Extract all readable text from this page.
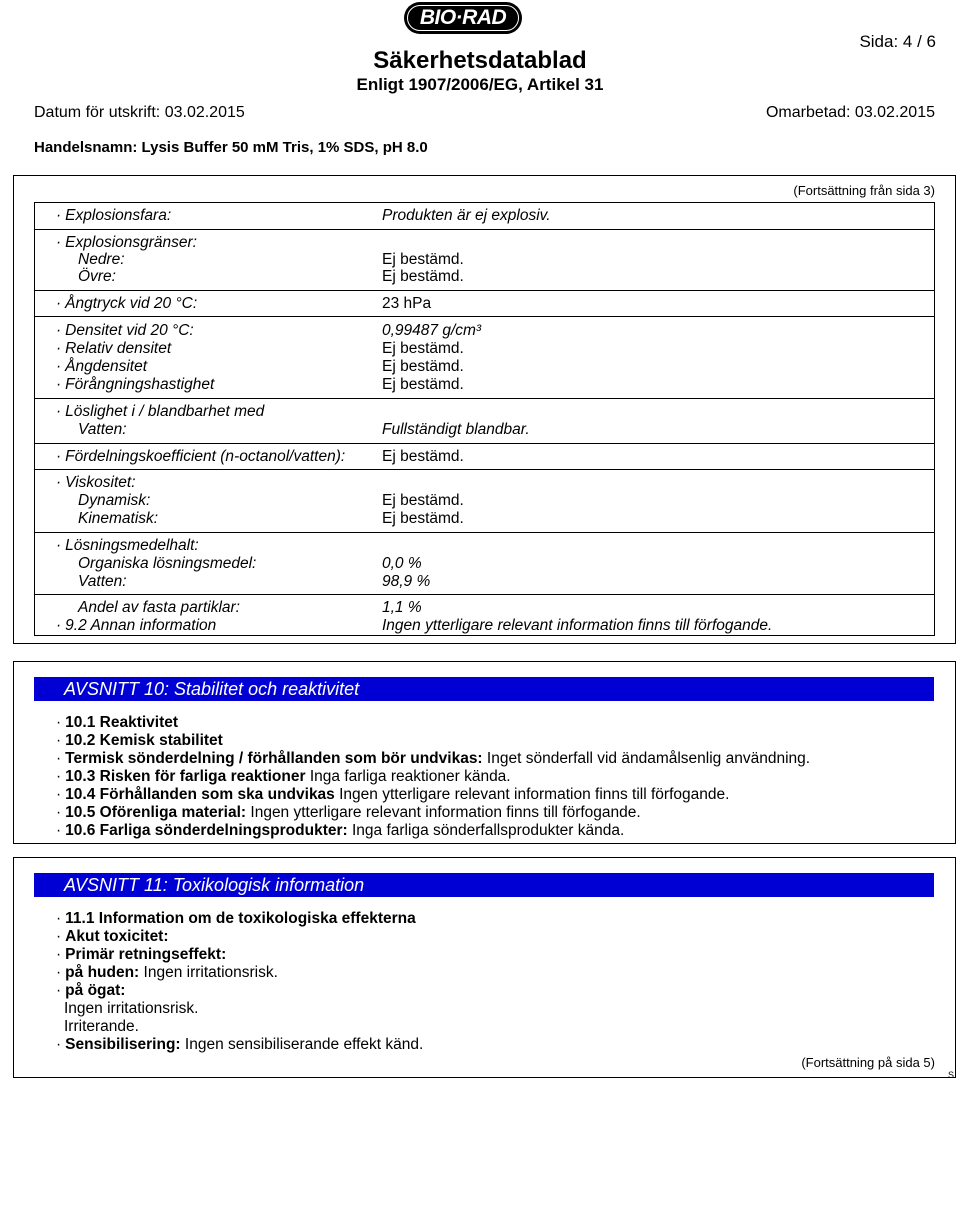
BIO·RAD
Säkerhetsdatablad
Enligt 1907/2006/EG, Artikel 31
Sida: 4 / 6
Datum för utskrift: 03.02.2015	Omarbetad: 03.02.2015
Handelsnamn: Lysis Buffer 50 mM Tris, 1% SDS, pH 8.0
(Fortsättning från sida 3)
· Explosionsfara:	Produkten är ej explosiv.
· Explosionsgränser:
Nedre:	Ej bestämd.
Övre:	Ej bestämd.
· Ångtryck vid 20 °C:	23 hPa
· Densitet vid 20 °C:	0,99487 g/cm³
· Relativ densitet	Ej bestämd.
· Ångdensitet	Ej bestämd.
· Förångningshastighet	Ej bestämd.
· Löslighet i / blandbarhet med
Vatten:	Fullständigt blandbar.
· Fördelningskoefficient (n-octanol/vatten): Ej bestämd.
· Viskositet:
Dynamisk:	Ej bestämd.
Kinematisk:	Ej bestämd.
· Lösningsmedelhalt:
Organiska lösningsmedel:	0,0 %
Vatten:	98,9 %
Andel av fasta partiklar:	1,1 %
· 9.2 Annan information	Ingen ytterligare relevant information finns till förfogande.
AVSNITT 10: Stabilitet och reaktivitet
· 10.1 Reaktivitet
· 10.2 Kemisk stabilitet
· Termisk sönderdelning / förhållanden som bör undvikas: Inget sönderfall vid ändamålsenlig användning.
· 10.3 Risken för farliga reaktioner Inga farliga reaktioner kända.
· 10.4 Förhållanden som ska undvikas Ingen ytterligare relevant information finns till förfogande.
· 10.5 Oförenliga material: Ingen ytterligare relevant information finns till förfogande.
· 10.6 Farliga sönderdelningsprodukter: Inga farliga sönderfallsprodukter kända.
AVSNITT 11: Toxikologisk information
· 11.1 Information om de toxikologiska effekterna
· Akut toxicitet:
· Primär retningseffekt:
· på huden: Ingen irritationsrisk.
· på ögat:
Ingen irritationsrisk.
Irriterande.
· Sensibilisering: Ingen sensibiliserande effekt känd.
(Fortsättning på sida 5)
S
